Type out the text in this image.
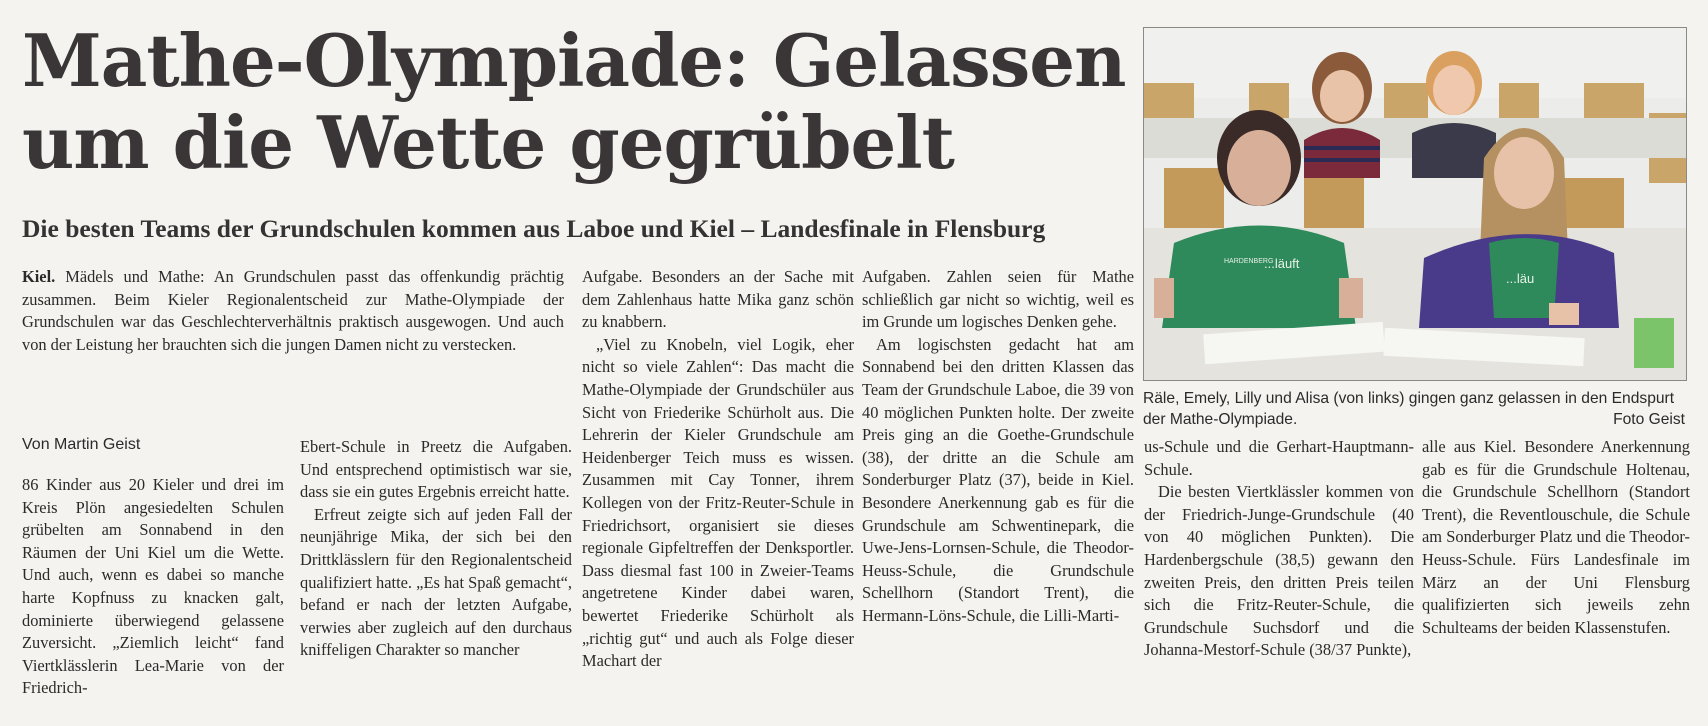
Mathe-Olympiade: Gelassen
um die Wette gegrübelt
Die besten Teams der Grundschulen kommen aus Laboe und Kiel – Landesfinale in Flensburg

Kiel. Mädels und Mathe: An Grundschulen passt das offenkundig prächtig zusammen. Beim Kieler Regionalentscheid zur Mathe-Olympiade der Grundschulen war das Geschlechterverhältnis praktisch ausgewogen. Und auch von der Leistung her brauchten sich die jungen Damen nicht zu verstecken.

Von Martin Geist

86 Kinder aus 20 Kieler und drei im Kreis Plön angesiedelten Schulen grübelten am Sonnabend in den Räumen der Uni Kiel um die Wette. Und auch, wenn es dabei so manche harte Kopfnuss zu knacken galt, dominierte überwiegend gelassene Zuversicht. „Ziemlich leicht“ fand Viertklässlerin Lea-Marie von der Friedrich-

Ebert-Schule in Preetz die Aufgaben. Und entsprechend optimistisch war sie, dass sie ein gutes Ergebnis erreicht hatte.

Erfreut zeigte sich auf jeden Fall der neunjährige Mika, der sich bei den Drittklässlern für den Regionalentscheid qualifiziert hatte. „Es hat Spaß gemacht“, befand er nach der letzten Aufgabe, verwies aber zugleich auf den durchaus kniffeligen Charakter so mancher

Aufgabe. Besonders an der Sache mit dem Zahlenhaus hatte Mika ganz schön zu knabbern.

„Viel zu Knobeln, viel Logik, eher nicht so viele Zahlen“: Das macht die Mathe-Olympiade der Grundschüler aus Sicht von Friederike Schürholt aus. Die Lehrerin der Kieler Grundschule am Heidenberger Teich muss es wissen. Zusammen mit Cay Tonner, ihrem Kollegen von der Fritz-Reuter-Schule in Friedrichsort, organisiert sie dieses regionale Gipfeltreffen der Denksportler. Dass diesmal fast 100 in Zweier-Teams angetretene Kinder dabei waren, bewertet Friederike Schürholt als „richtig gut“ und auch als Folge dieser Machart der

Aufgaben. Zahlen seien für Mathe schließlich gar nicht so wichtig, weil es im Grunde um logisches Denken gehe.

Am logischsten gedacht hat am Sonnabend bei den dritten Klassen das Team der Grundschule Laboe, die 39 von 40 möglichen Punkten holte. Der zweite Preis ging an die Goethe-Grundschule (38), der dritte an die Schule am Sonderburger Platz (37), beide in Kiel. Besondere Anerkennung gab es für die Grundschule am Schwentinepark, die Uwe-Jens-Lornsen-Schule, die Theodor-Heuss-Schule, die Grundschule Schellhorn (Standort Trent), die Hermann-Löns-Schule, die Lilli-Marti-

us-Schule und die Gerhart-Hauptmann-Schule.

Die besten Viertklässler kommen von der Friedrich-Junge-Grundschule (40 von 40 möglichen Punkten). Die Hardenbergschule (38,5) gewann den zweiten Preis, den dritten Preis teilen sich die Fritz-Reuter-Schule, die Grundschule Suchsdorf und die Johanna-Mestorf-Schule (38/37 Punkte),

alle aus Kiel. Besondere Anerkennung gab es für die Grundschule Holtenau, die Grundschule Schellhorn (Standort Trent), die Reventlouschule, die Schule am Sonderburger Platz und die Theodor-Heuss-Schule. Fürs Landesfinale im März an der Uni Flensburg qualifizierten sich jeweils zehn Schulteams der beiden Klassenstufen.

HARDENBERG
...läuft
...läu
Räle, Emely, Lilly und Alisa (von links) gingen ganz gelassen in den Endspurt der Mathe-Olympiade.	Foto Geist
